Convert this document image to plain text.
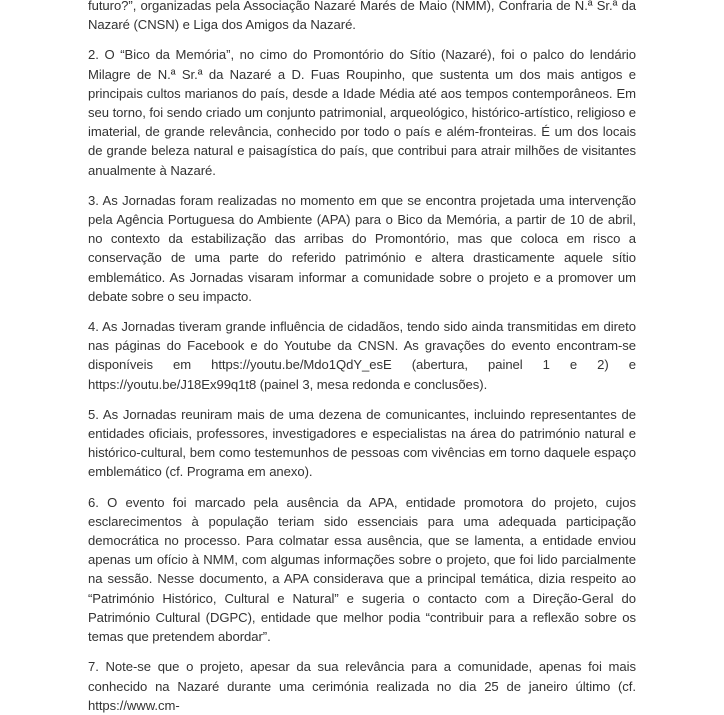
futuro?”, organizadas pela Associação Nazaré Marés de Maio (NMM), Confraria de N.ª Sr.ª da Nazaré (CNSN) e Liga dos Amigos da Nazaré.

2. O “Bico da Memória”, no cimo do Promontório do Sítio (Nazaré), foi o palco do lendário Milagre de N.ª Sr.ª da Nazaré a D. Fuas Roupinho, que sustenta um dos mais antigos e principais cultos marianos do país, desde a Idade Média até aos tempos contemporâneos. Em seu torno, foi sendo criado um conjunto patrimonial, arqueológico, histórico-artístico, religioso e imaterial, de grande relevância, conhecido por todo o país e além-fronteiras. É um dos locais de grande beleza natural e paisagística do país, que contribui para atrair milhões de visitantes anualmente à Nazaré.

3. As Jornadas foram realizadas no momento em que se encontra projetada uma intervenção pela Agência Portuguesa do Ambiente (APA) para o Bico da Memória, a partir de 10 de abril, no contexto da estabilização das arribas do Promontório, mas que coloca em risco a conservação de uma parte do referido património e altera drasticamente aquele sítio emblemático. As Jornadas visaram informar a comunidade sobre o projeto e a promover um debate sobre o seu impacto.

4. As Jornadas tiveram grande influência de cidadãos, tendo sido ainda transmitidas em direto nas páginas do Facebook e do Youtube da CNSN. As gravações do evento encontram-se disponíveis em https://youtu.be/Mdo1QdY_esE (abertura, painel 1 e 2) e https://youtu.be/J18Ex99q1t8 (painel 3, mesa redonda e conclusões).

5. As Jornadas reuniram mais de uma dezena de comunicantes, incluindo representantes de entidades oficiais, professores, investigadores e especialistas na área do património natural e histórico-cultural, bem como testemunhos de pessoas com vivências em torno daquele espaço emblemático (cf. Programa em anexo).

6. O evento foi marcado pela ausência da APA, entidade promotora do projeto, cujos esclarecimentos à população teriam sido essenciais para uma adequada participação democrática no processo. Para colmatar essa ausência, que se lamenta, a entidade enviou apenas um ofício à NMM, com algumas informações sobre o projeto, que foi lido parcialmente na sessão. Nesse documento, a APA considerava que a principal temática, dizia respeito ao “Património Histórico, Cultural e Natural” e sugeria o contacto com a Direção-Geral do Património Cultural (DGPC), entidade que melhor podia “contribuir para a reflexão sobre os temas que pretendem abordar”.

7. Note-se que o projeto, apesar da sua relevância para a comunidade, apenas foi mais conhecido na Nazaré durante uma cerimónia realizada no dia 25 de janeiro último (cf. https://www.cm-
